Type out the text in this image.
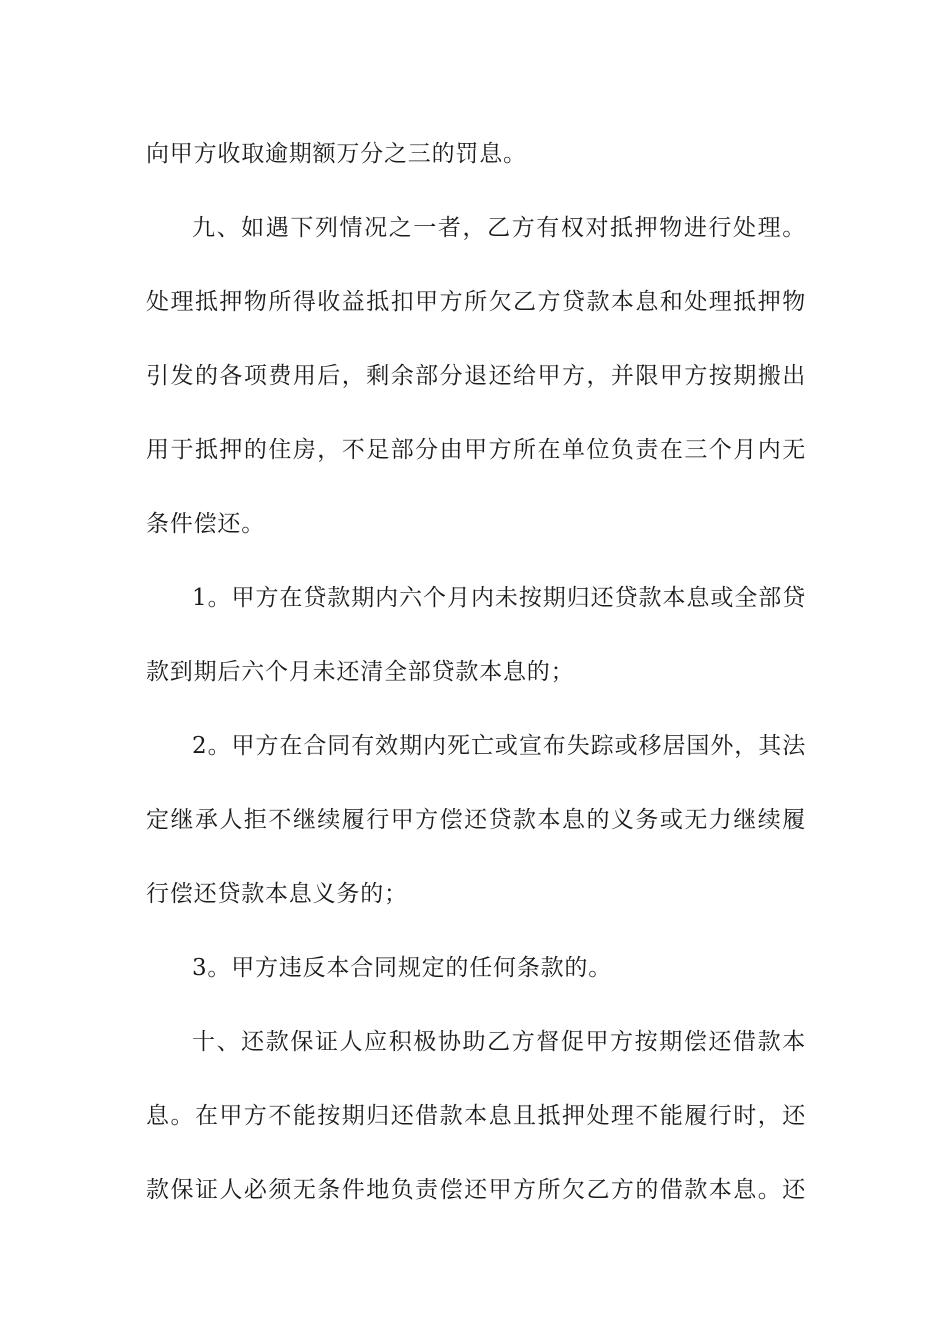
向甲方收取逾期额万分之三的罚息。
九、如遇下列情况之一者，乙方有权对抵押物进行处理。
处理抵押物所得收益抵扣甲方所欠乙方贷款本息和处理抵押物
引发的各项费用后，剩余部分退还给甲方，并限甲方按期搬出
用于抵押的住房，不足部分由甲方所在单位负责在三个月内无
条件偿还。
1。甲方在贷款期内六个月内未按期归还贷款本息或全部贷
款到期后六个月未还清全部贷款本息的；
2。甲方在合同有效期内死亡或宣布失踪或移居国外，其法
定继承人拒不继续履行甲方偿还贷款本息的义务或无力继续履
行偿还贷款本息义务的；
3。甲方违反本合同规定的任何条款的。
十、还款保证人应积极协助乙方督促甲方按期偿还借款本
息。在甲方不能按期归还借款本息且抵押处理不能履行时，还
款保证人必须无条件地负责偿还甲方所欠乙方的借款本息。还
